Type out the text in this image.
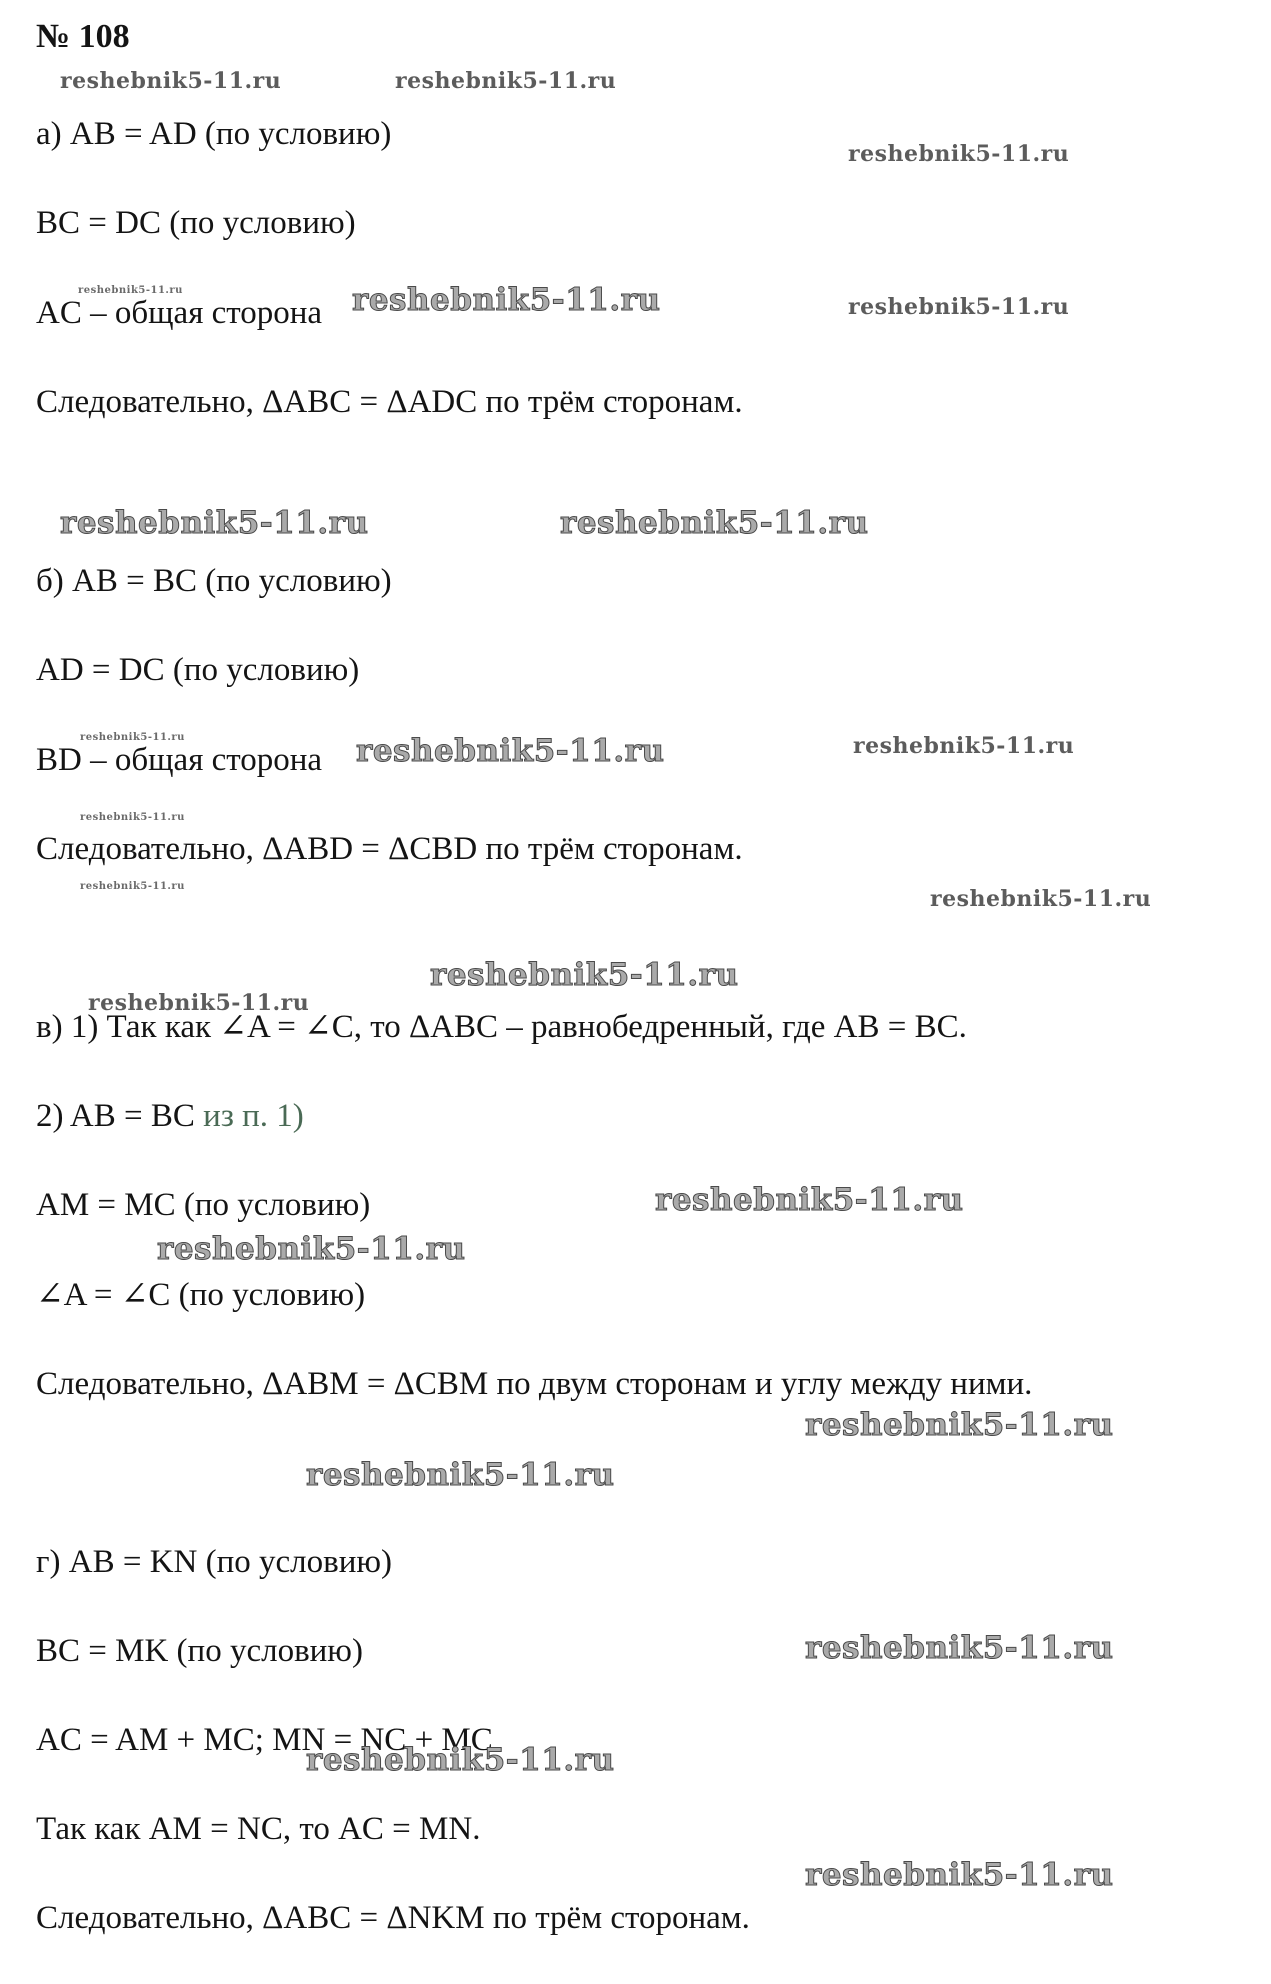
№ 108
а) AB = AD (по условию)
BC = DC (по условию)
AC – общая сторона
Следовательно, ΔABC = ΔADC по трём сторонам.
б) AB = BC (по условию)
AD = DC (по условию)
BD – общая сторона
Следовательно, ΔABD = ΔCBD по трём сторонам.
в) 1) Так как ∠A = ∠C, то ΔABC – равнобедренный, где AB = BC.
2) AB = BC из п. 1)
AM = MC (по условию)
∠A = ∠C (по условию)
Следовательно, ΔABM = ΔCBM по двум сторонам и углу между ними.
г) AB = KN (по условию)
BC = MK (по условию)
AC = AM + MC; MN = NC + MC
Так как AM = NC, то AC = MN.
Следовательно, ΔABC = ΔNKM по трём сторонам.
reshebnik5-11.ru	reshebnik5-11.ru
reshebnik5-11.ru
reshebnik5-11.ru	reshebnik5-11.ru	reshebnik5-11.ru
reshebnik5-11.ru	reshebnik5-11.ru
reshebnik5-11.ru	reshebnik5-11.ru	reshebnik5-11.ru
reshebnik5-11.ru
reshebnik5-11.ru	reshebnik5-11.ru
reshebnik5-11.ru
reshebnik5-11.ru
reshebnik5-11.ru
reshebnik5-11.ru
reshebnik5-11.ru
reshebnik5-11.ru
reshebnik5-11.ru
reshebnik5-11.ru
reshebnik5-11.ru
